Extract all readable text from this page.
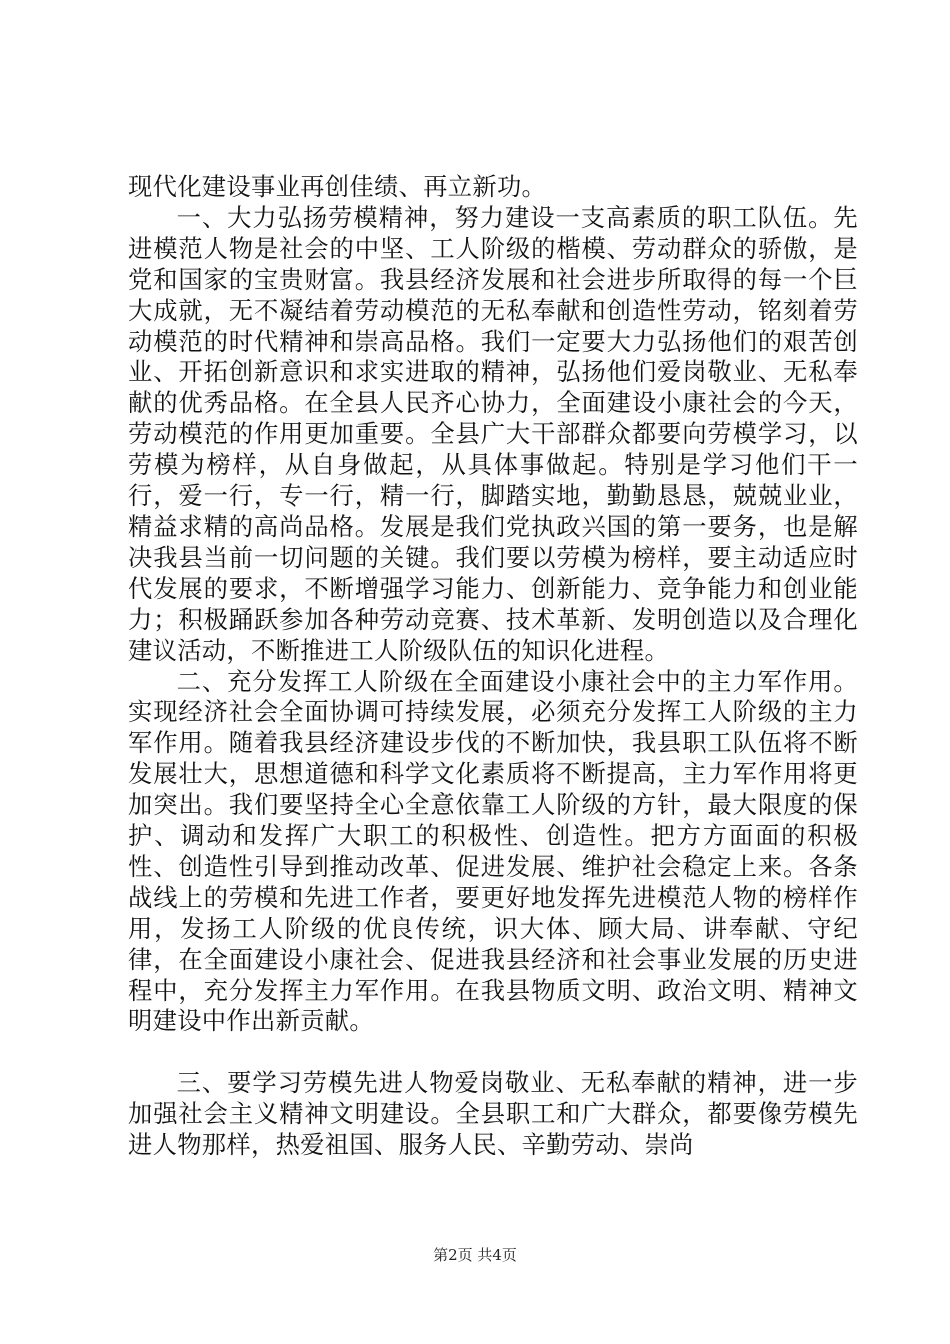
现代化建设事业再创佳绩、再立新功。

一、大力弘扬劳模精神，努力建设一支高素质的职工队伍。先进模范人物是社会的中坚、工人阶级的楷模、劳动群众的骄傲，是党和国家的宝贵财富。我县经济发展和社会进步所取得的每一个巨大成就，无不凝结着劳动模范的无私奉献和创造性劳动，铭刻着劳动模范的时代精神和崇高品格。我们一定要大力弘扬他们的艰苦创业、开拓创新意识和求实进取的精神，弘扬他们爱岗敬业、无私奉献的优秀品格。在全县人民齐心协力，全面建设小康社会的今天，劳动模范的作用更加重要。全县广大干部群众都要向劳模学习，以劳模为榜样，从自身做起，从具体事做起。特别是学习他们干一行，爱一行，专一行，精一行，脚踏实地，勤勤恳恳，兢兢业业，精益求精的高尚品格。发展是我们党执政兴国的第一要务，也是解决我县当前一切问题的关键。我们要以劳模为榜样，要主动适应时代发展的要求，不断增强学习能力、创新能力、竞争能力和创业能力；积极踊跃参加各种劳动竞赛、技术革新、发明创造以及合理化建议活动，不断推进工人阶级队伍的知识化进程。

二、充分发挥工人阶级在全面建设小康社会中的主力军作用。实现经济社会全面协调可持续发展，必须充分发挥工人阶级的主力军作用。随着我县经济建设步伐的不断加快，我县职工队伍将不断发展壮大，思想道德和科学文化素质将不断提高，主力军作用将更加突出。我们要坚持全心全意依靠工人阶级的方针，最大限度的保护、调动和发挥广大职工的积极性、创造性。把方方面面的积极性、创造性引导到推动改革、促进发展、维护社会稳定上来。各条战线上的劳模和先进工作者，要更好地发挥先进模范人物的榜样作用，发扬工人阶级的优良传统，识大体、顾大局、讲奉献、守纪律，在全面建设小康社会、促进我县经济和社会事业发展的历史进程中，充分发挥主力军作用。在我县物质文明、政治文明、精神文明建设中作出新贡献。

三、要学习劳模先进人物爱岗敬业、无私奉献的精神，进一步加强社会主义精神文明建设。全县职工和广大群众，都要像劳模先进人物那样，热爱祖国、服务人民、辛勤劳动、崇尚

第2页 共4页
